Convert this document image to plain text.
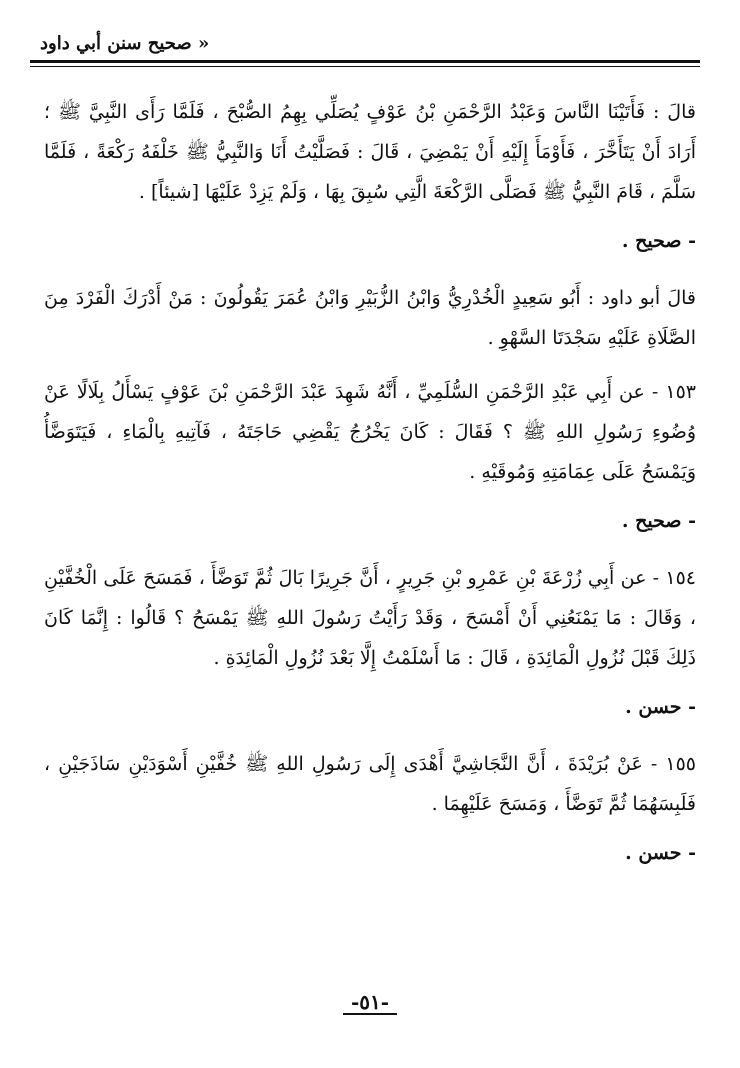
« صحيح سنن أبي داود

قالَ : فَأَتَيْنَا النَّاسَ وَعَبْدُ الرَّحْمَنِ بْنُ عَوْفٍ يُصَلِّي بِهِمُ الصُّبْحَ ، فَلَمَّا رَأَى النَّبِيَّ ﷺ ؛ أَرَادَ أَنْ يَتَأَخَّرَ ، فَأَوْمَأَ إِلَيْهِ أَنْ يَمْضِيَ ، قَالَ : فَصَلَّيْتُ أَنَا وَالنَّبِيُّ ﷺ خَلْفَهُ رَكْعَةً ، فَلَمَّا سَلَّمَ ، قَامَ النَّبِيُّ ﷺ فَصَلَّى الرَّكْعَةَ الَّتِي سُبِقَ بِهَا ، وَلَمْ يَزِدْ عَلَيْهَا [شيئاً] .

- صحيح .

قالَ أبو داود : أَبُو سَعِيدٍ الْخُدْرِيُّ وَابْنُ الزُّبَيْرِ وَابْنُ عُمَرَ يَقُولُونَ : مَنْ أَدْرَكَ الْفَرْدَ مِنَ الصَّلَاةِ عَلَيْهِ سَجْدَتَا السَّهْوِ .

١٥٣ - عن أَبِي عَبْدِ الرَّحْمَنِ السُّلَمِيِّ ، أَنَّهُ شَهِدَ عَبْدَ الرَّحْمَنِ بْنَ عَوْفٍ يَسْأَلُ بِلَالًا عَنْ وُضُوءِ رَسُولِ اللهِ ﷺ ؟ فَقَالَ : كَانَ يَخْرُجُ يَقْضِي حَاجَتَهُ ، فَآتِيهِ بِالْمَاءِ ، فَيَتَوَضَّأُ وَيَمْسَحُ عَلَى عِمَامَتِهِ وَمُوقَيْهِ .

- صحيح .

١٥٤ - عن أَبِي زُرْعَةَ بْنِ عَمْرِو بْنِ جَرِيرٍ ، أَنَّ جَرِيرًا بَالَ ثُمَّ تَوَضَّأَ ، فَمَسَحَ عَلَى الْخُفَّيْنِ ، وَقَالَ : مَا يَمْنَعُنِي أَنْ أَمْسَحَ ، وَقَدْ رَأَيْتُ رَسُولَ اللهِ ﷺ يَمْسَحُ ؟ قَالُوا : إِنَّمَا كَانَ ذَلِكَ قَبْلَ نُزُولِ الْمَائِدَةِ ، قَالَ : مَا أَسْلَمْتُ إِلَّا بَعْدَ نُزُولِ الْمَائِدَةِ .

- حسن .

١٥٥ - عَنْ بُرَيْدَةَ ، أَنَّ النَّجَاشِيَّ أَهْدَى إِلَى رَسُولِ اللهِ ﷺ خُفَّيْنِ أَسْوَدَيْنِ سَاذَجَيْنِ ، فَلَبِسَهُمَا ثُمَّ تَوَضَّأَ ، وَمَسَحَ عَلَيْهِمَا .

- حسن .

-٥١-
